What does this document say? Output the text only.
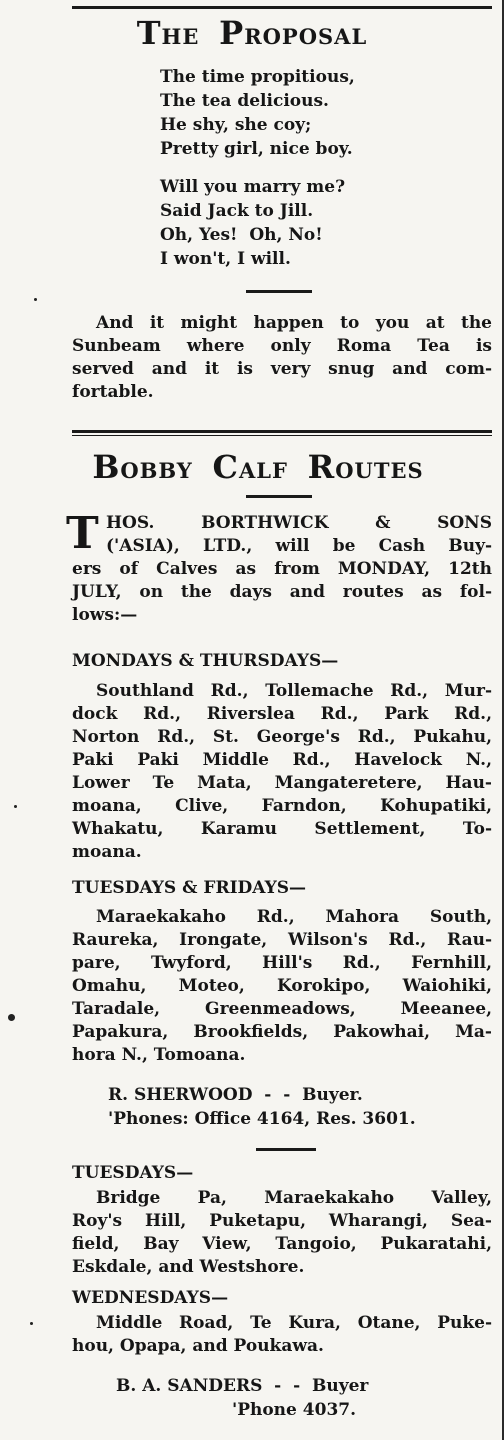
THE PROPOSAL
The time propitious,
The tea delicious.
He shy, she coy;
Pretty girl, nice boy.
Will you marry me?
Said Jack to Jill.
Oh, Yes!  Oh, No!
I won't, I will.
And it might happen to you at the
Sunbeam where only Roma Tea is
served and it is very snug and com-
fortable.
BOBBY CALF ROUTES
T HOS. BORTHWICK & SONS
('ASIA), LTD., will be Cash Buy-
ers of Calves as from MONDAY, 12th
JULY, on the days and routes as fol-
lows:—
MONDAYS & THURSDAYS—
Southland Rd., Tollemache Rd., Mur-
dock Rd., Riverslea Rd., Park Rd.,
Norton Rd., St. George's Rd., Pukahu,
Paki Paki Middle Rd., Havelock N.,
Lower Te Mata, Mangateretere, Hau-
moana, Clive, Farndon, Kohupatiki,
Whakatu, Karamu Settlement, To-
moana.
TUESDAYS & FRIDAYS—
Maraekakaho Rd., Mahora South,
Raureka, Irongate, Wilson's Rd., Rau-
pare, Twyford, Hill's Rd., Fernhill,
Omahu, Moteo, Korokipo, Waiohiki,
Taradale, Greenmeadows, Meeanee,
Papakura, Brookfields, Pakowhai, Ma-
hora N., Tomoana.
R. SHERWOOD  -  -  Buyer.
'Phones: Office 4164, Res. 3601.
TUESDAYS—
Bridge Pa, Maraekakaho Valley,
Roy's Hill, Puketapu, Wharangi, Sea-
field, Bay View, Tangoio, Pukaratahi,
Eskdale, and Westshore.
WEDNESDAYS—
Middle Road, Te Kura, Otane, Puke-
hou, Opapa, and Poukawa.
B. A. SANDERS  -  -  Buyer
'Phone 4037.
